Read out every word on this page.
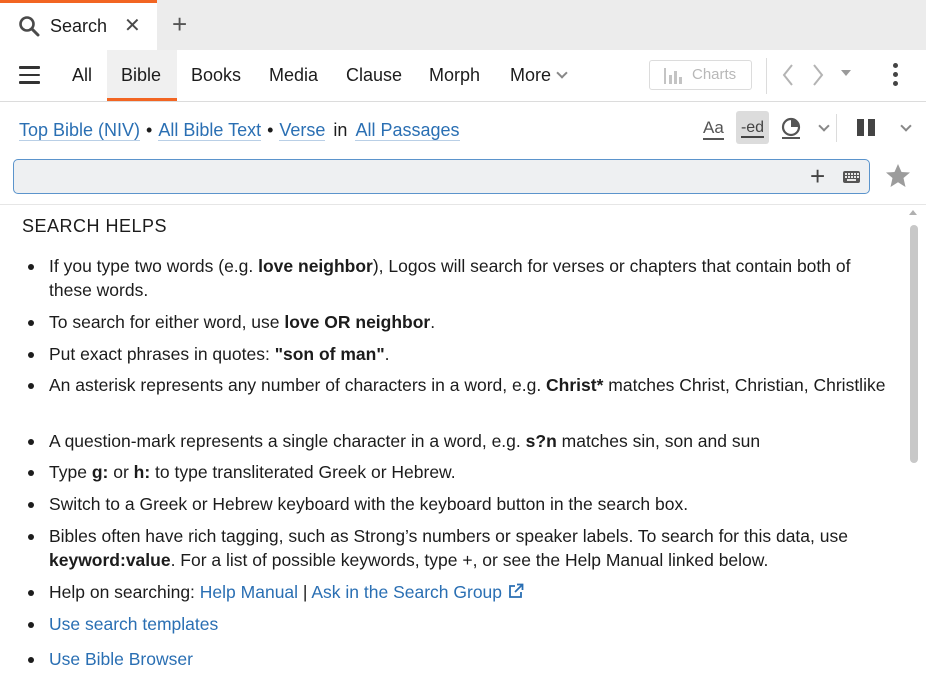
Search ✕ +
All Bible Books Media Clause Morph More	Charts
Top Bible (NIV) • All Bible Text • Verse in All Passages	Aa	-ed
+
SEARCH HELPS
If you type two words (e.g. love neighbor), Logos will search for verses or chapters that contain both of these words.
To search for either word, use love OR neighbor.
Put exact phrases in quotes: "son of man".
An asterisk represents any number of characters in a word, e.g. Christ* matches Christ, Christian, Christlike
A question-mark represents a single character in a word, e.g. s?n matches sin, son and sun
Type g: or h: to type transliterated Greek or Hebrew.
Switch to a Greek or Hebrew keyboard with the keyboard button in the search box.
Bibles often have rich tagging, such as Strong’s numbers or speaker labels. To search for this data, use keyword:value. For a list of possible keywords, type +, or see the Help Manual linked below.
Help on searching: Help Manual | Ask in the Search Group
Use search templates
Use Bible Browser
